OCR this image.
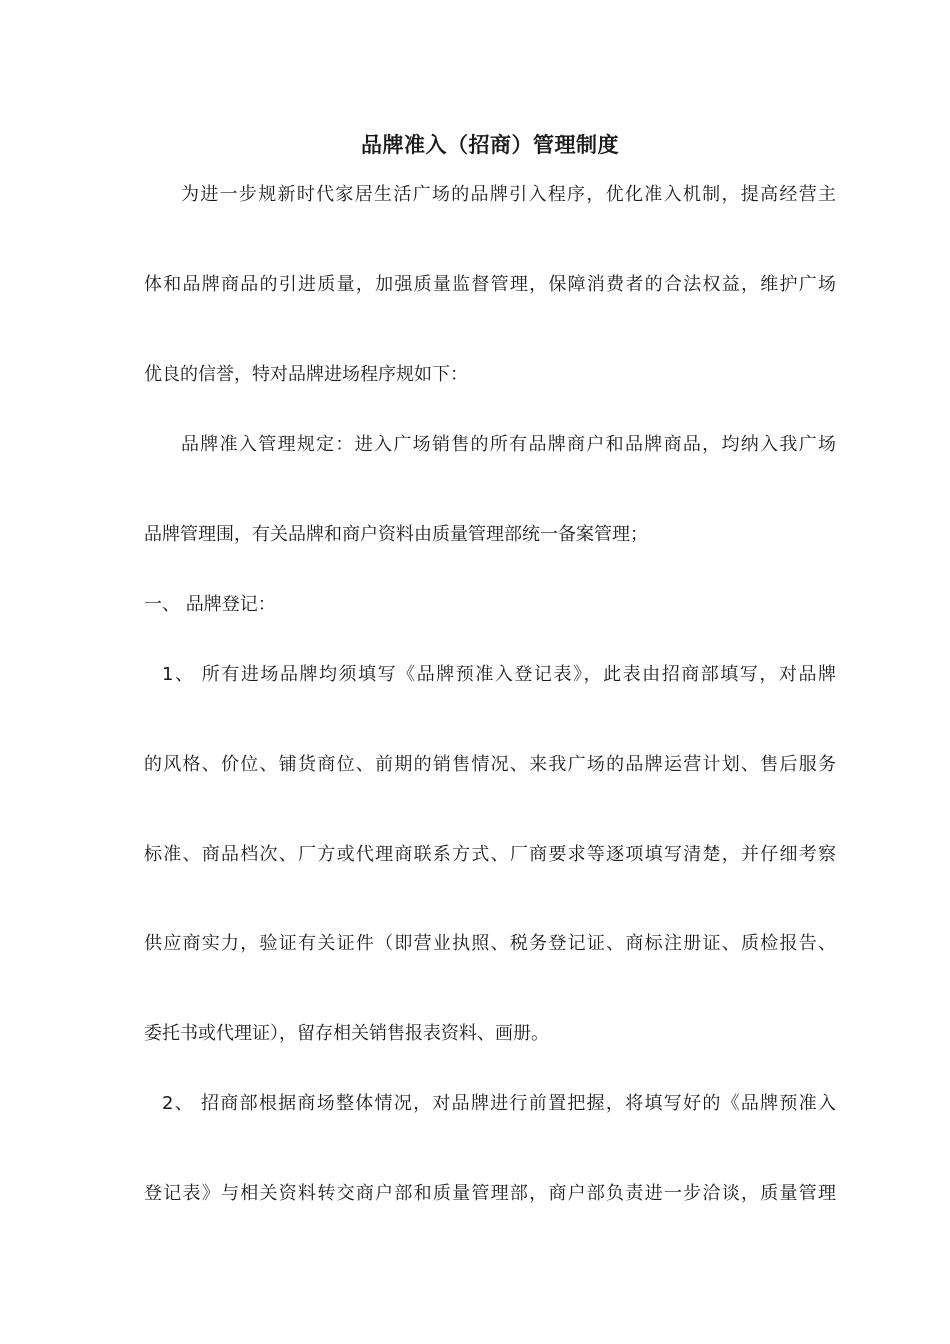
品牌准入（招商）管理制度
为进一步规新时代家居生活广场的品牌引入程序，优化准入机制，提高经营主
体和品牌商品的引进质量，加强质量监督管理，保障消费者的合法权益，维护广场
优良的信誉，特对品牌进场程序规如下：
品牌准入管理规定：进入广场销售的所有品牌商户和品牌商品，均纳入我广场
品牌管理围，有关品牌和商户资料由质量管理部统一备案管理；
一、 品牌登记：
1、 所有进场品牌均须填写《品牌预准入登记表》，此表由招商部填写，对品牌
的风格、价位、铺货商位、前期的销售情况、来我广场的品牌运营计划、售后服务
标准、商品档次、厂方或代理商联系方式、厂商要求等逐项填写清楚，并仔细考察
供应商实力，验证有关证件（即营业执照、税务登记证、商标注册证、质检报告、
委托书或代理证），留存相关销售报表资料、画册。
2、 招商部根据商场整体情况，对品牌进行前置把握，将填写好的《品牌预准入
登记表》与相关资料转交商户部和质量管理部，商户部负责进一步洽谈，质量管理
